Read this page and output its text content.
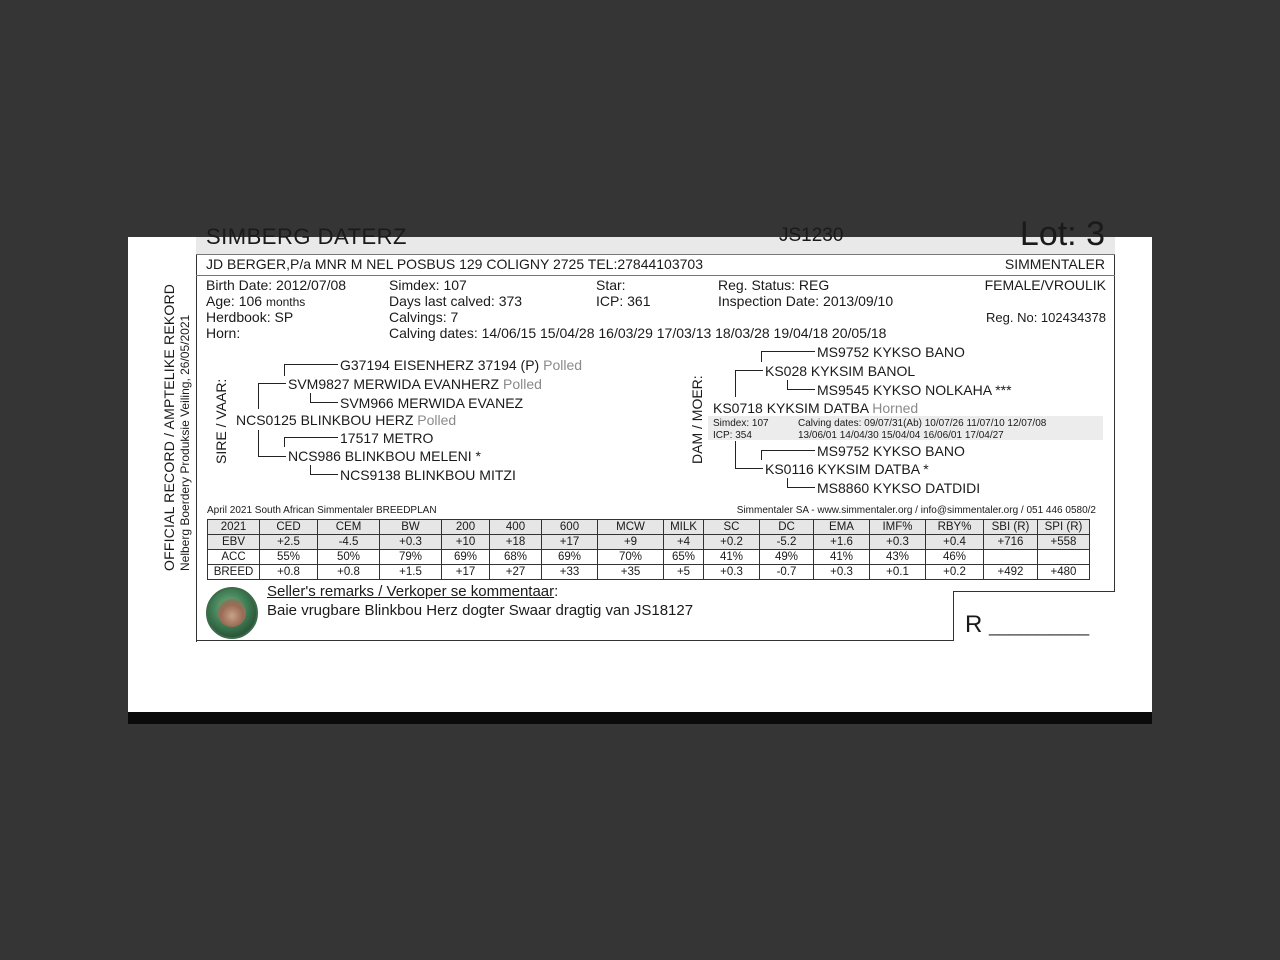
OFFICIAL RECORD / AMPTELIKE REKORD Nelberg Boerdery Produksie Veiling, 26/05/2021
SIMBERG DATERZ	JS1230	Lot: 3
JD BERGER,P/a MNR M NEL POSBUS 129 COLIGNY 2725 TEL:27844103703	SIMMENTALER
Birth Date: 2012/07/08
Age: 106 months
Herdbook: SP
Horn:
Simdex: 107
Days last calved: 373
Calvings: 7
Calving dates: 14/06/15 15/04/28 16/03/29 17/03/13 18/03/28 19/04/18 20/05/18
Star:
ICP: 361
Reg. Status: REG
Inspection Date: 2013/09/10
FEMALE/VROULIK
Reg. No: 102434378
SIRE / VAAR: NCS0125 BLINKBOU HERZ Polled
SVM9827 MERWIDA EVANHERZ Polled
G37194 EISENHERZ 37194 (P) Polled
SVM966 MERWIDA EVANEZ
NCS986 BLINKBOU MELENI *
17517 METRO
NCS9138 BLINKBOU MITZI
DAM / MOER: KS0718 KYKSIM DATBA Horned
KS028 KYKSIM BANOL
MS9752 KYKSO BANO
MS9545 KYKSO NOLKAHA ***
KS0116 KYKSIM DATBA *
MS9752 KYKSO BANO
MS8860 KYKSO DATDIDI
Simdex: 107
ICP: 354
Calving dates: 09/07/31(Ab) 10/07/26 11/07/10 12/07/08
13/06/01 14/04/30 15/04/04 16/06/01 17/04/27
April 2021 South African Simmentaler BREEDPLAN	Simmentaler SA - www.simmentaler.org / info@simmentaler.org / 051 446 0580/2
2021	CED	CEM	BW	200	400	600	MCW	MILK	SC	DC	EMA	IMF%	RBY%	SBI (R)	SPI (R)
EBV	+2.5	-4.5	+0.3	+10	+18	+17	+9	+4	+0.2	-5.2	+1.6	+0.3	+0.4	+716	+558
ACC	55%	50%	79%	69%	68%	69%	70%	65%	41%	49%	41%	43%	46%		
BREED	+0.8	+0.8	+1.5	+17	+27	+33	+35	+5	+0.3	-0.7	+0.3	+0.1	+0.2	+492	+480
Seller's remarks / Verkoper se kommentaar:
Baie vrugbare Blinkbou Herz dogter Swaar dragtig van JS18127
R __________
